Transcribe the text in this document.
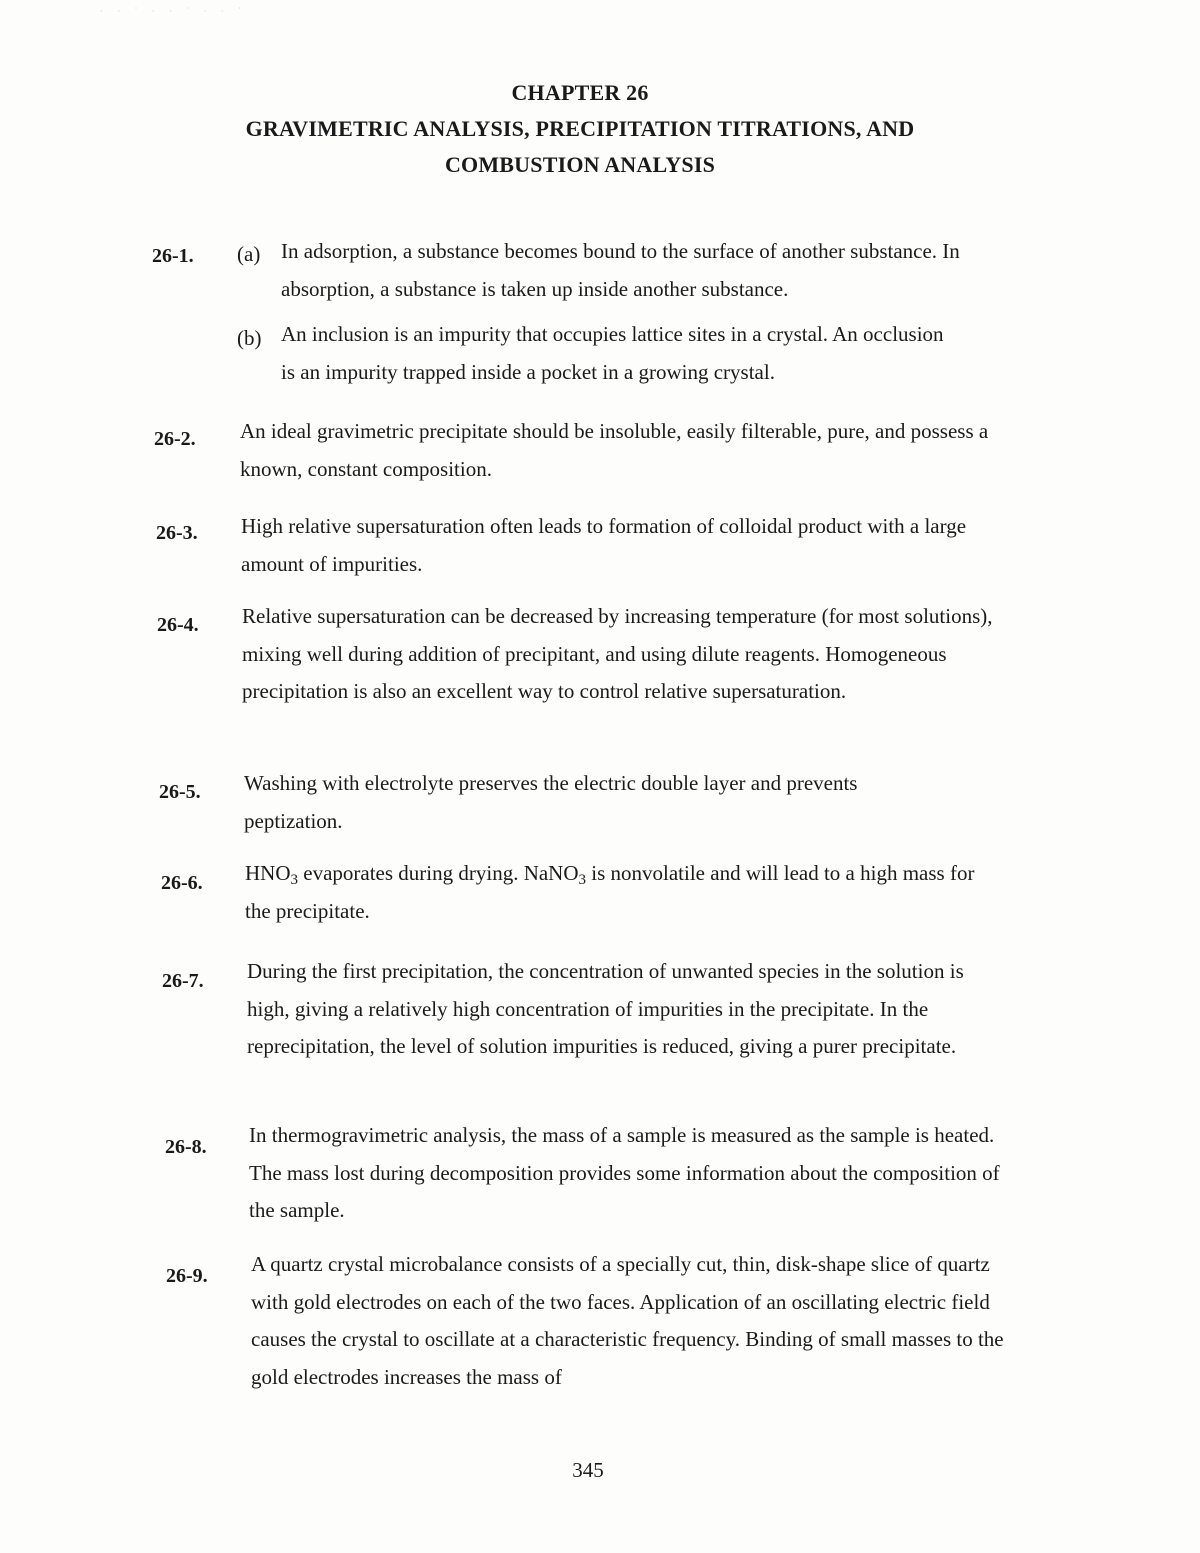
· · ˙ · · ˙ · · ˙
CHAPTER 26
GRAVIMETRIC ANALYSIS, PRECIPITATION TITRATIONS, AND
COMBUSTION ANALYSIS
26-1. (a) In adsorption, a substance becomes bound to the surface of another substance. In absorption, a substance is taken up inside another substance.
(b) An inclusion is an impurity that occupies lattice sites in a crystal. An occlusion is an impurity trapped inside a pocket in a growing crystal.
26-2. An ideal gravimetric precipitate should be insoluble, easily filterable, pure, and possess a known, constant composition.
26-3. High relative supersaturation often leads to formation of colloidal product with a large amount of impurities.
26-4. Relative supersaturation can be decreased by increasing temperature (for most solutions), mixing well during addition of precipitant, and using dilute reagents. Homogeneous precipitation is also an excellent way to control relative supersaturation.
26-5. Washing with electrolyte preserves the electric double layer and prevents peptization.
26-6. $HNO_3$ evaporates during drying. NaNO$_3$ is nonvolatile and will lead to a high mass for the precipitate.
26-7. During the first precipitation, the concentration of unwanted species in the solution is high, giving a relatively high concentration of impurities in the precipitate. In the reprecipitation, the level of solution impurities is reduced, giving a purer precipitate.
26-8. In thermogravimetric analysis, the mass of a sample is measured as the sample is heated. The mass lost during decomposition provides some information about the composition of the sample.
26-9. A quartz crystal microbalance consists of a specially cut, thin, disk-shape slice of quartz with gold electrodes on each of the two faces. Application of an oscillating electric field causes the crystal to oscillate at a characteristic frequency. Binding of small masses to the gold electrodes increases the mass of
345
